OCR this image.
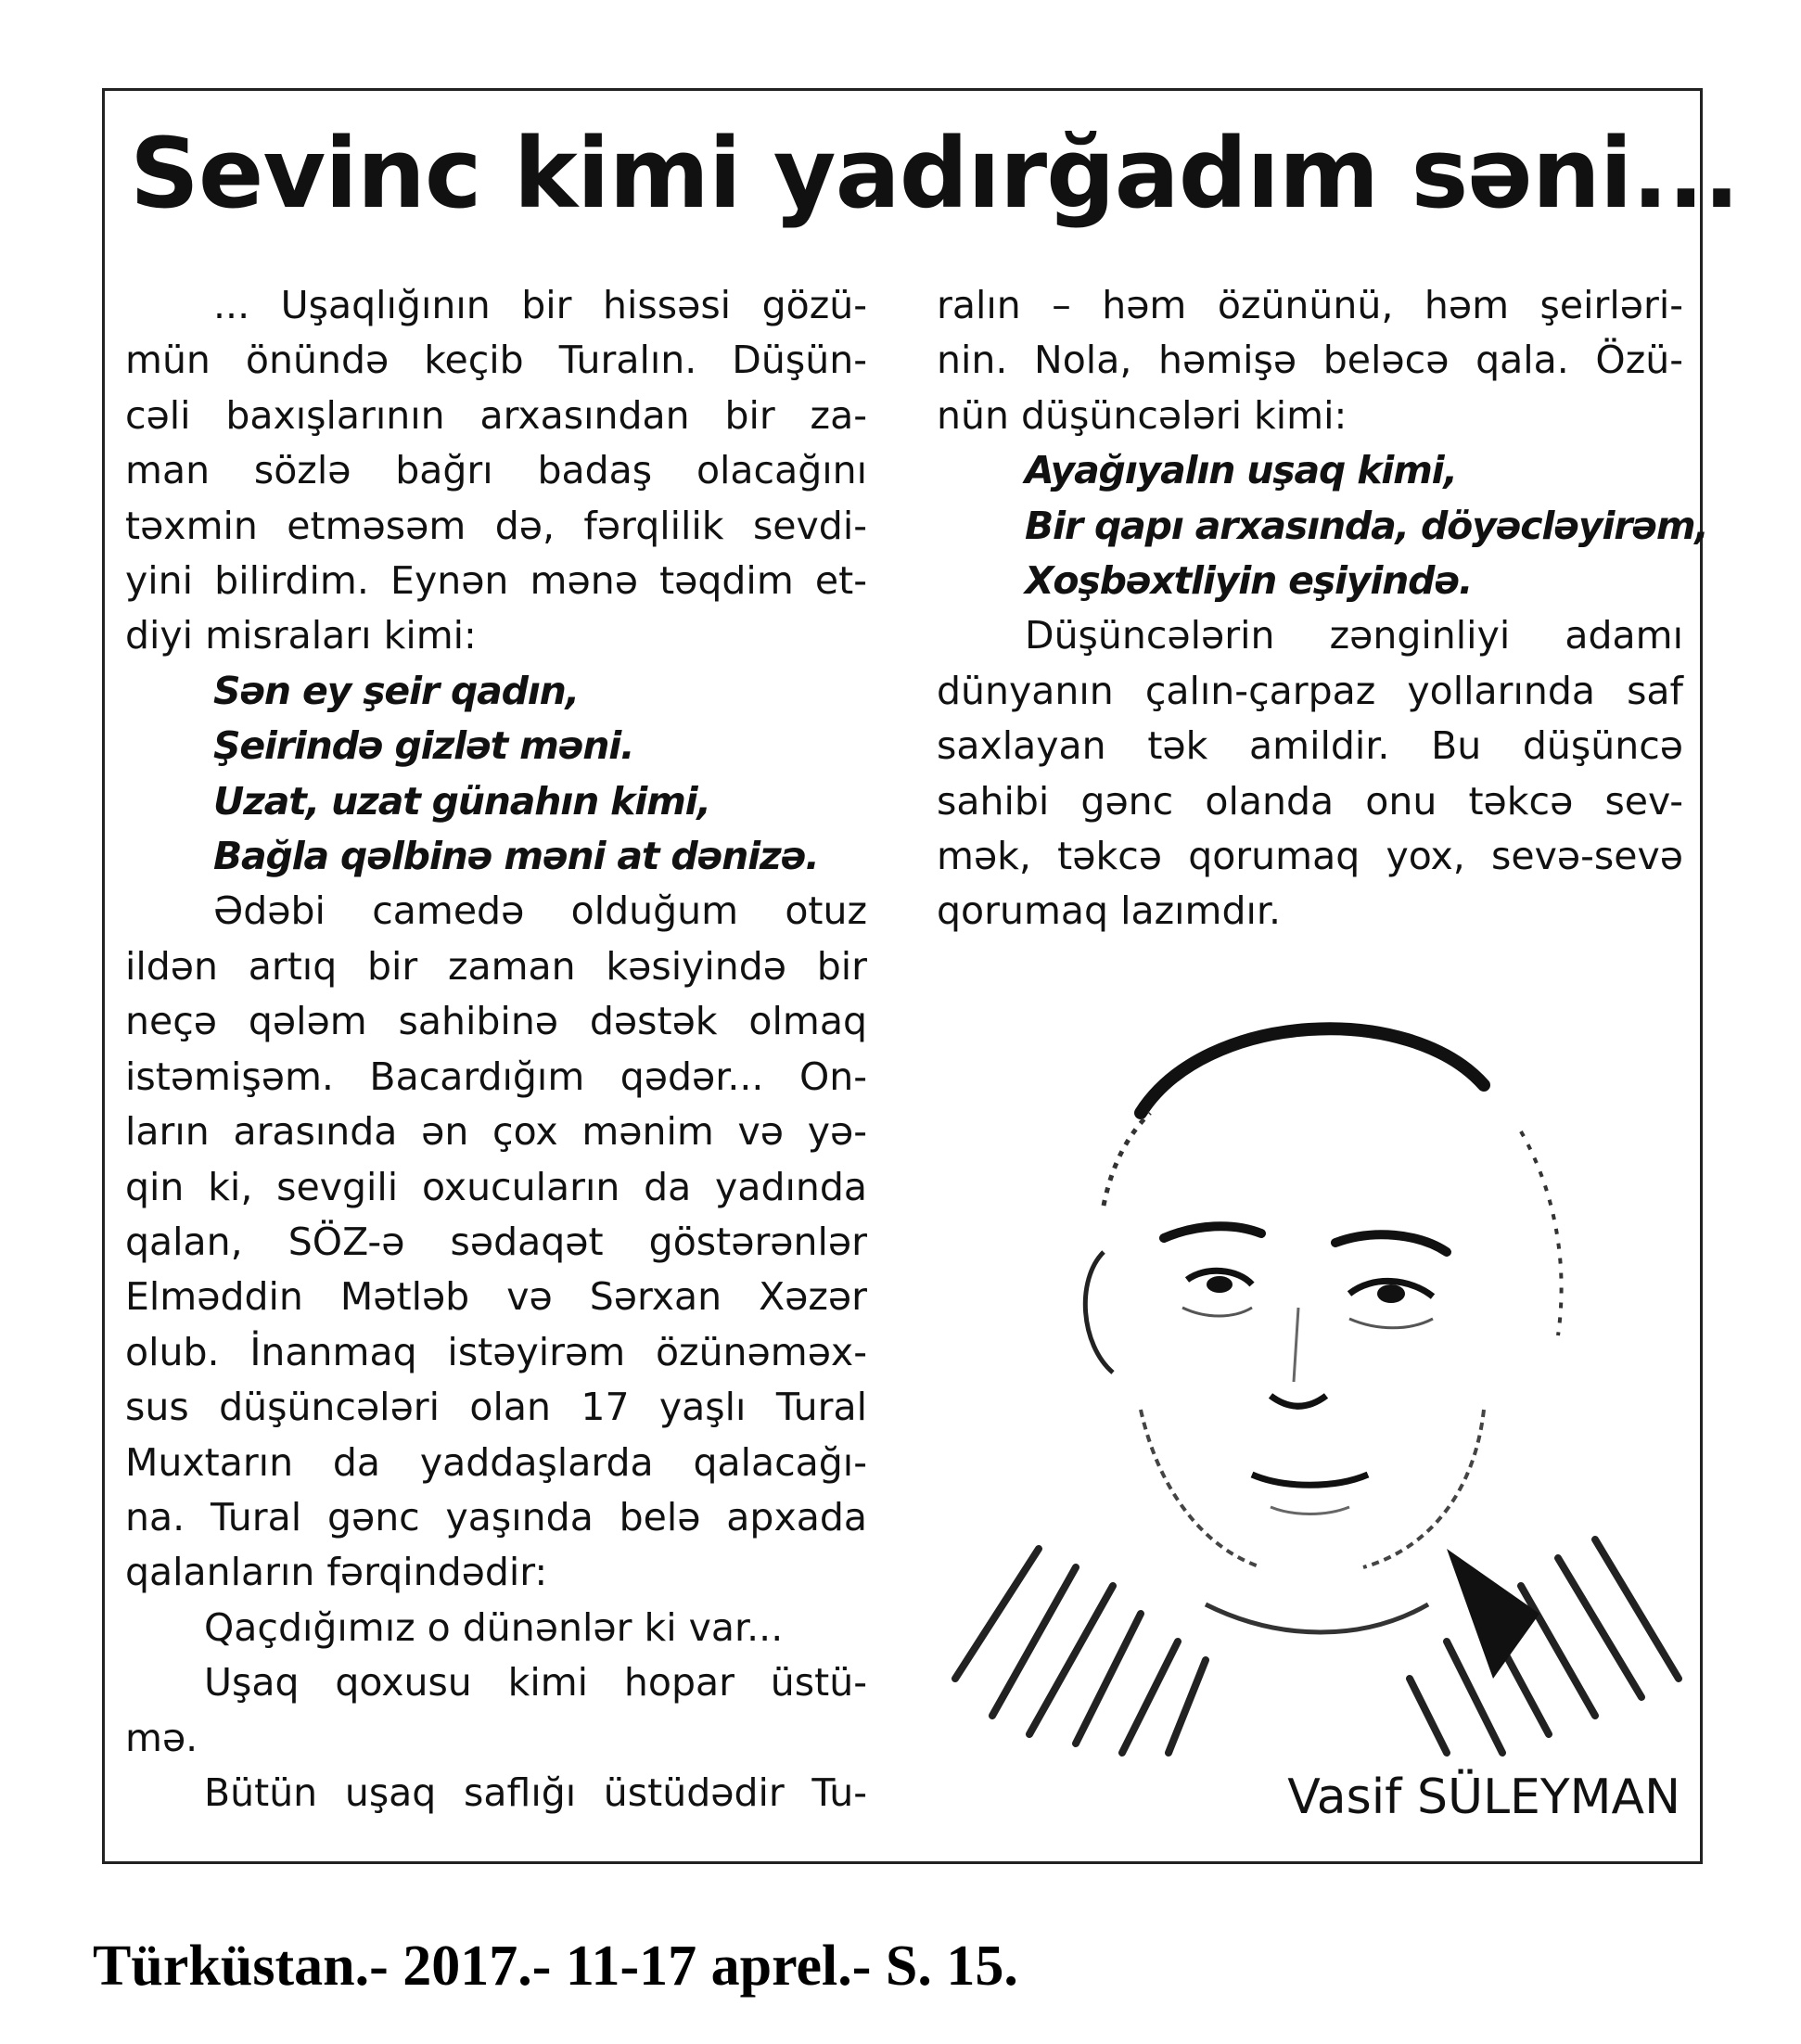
Sevinc kimi yadırğadım səni...

... Uşaqlığının bir hissəsi gözü-

mün önündə keçib Turalın. Düşün-

cəli baxışlarının arxasından bir za-

man sözlə bağrı badaş olacağını

təxmin etməsəm də, fərqlilik sevdi-

yini bilirdim. Eynən mənə təqdim et-

diyi misraları kimi:

Sən ey şeir qadın,

Şeirində gizlət məni.

Uzat, uzat günahın kimi,

Bağla qəlbinə məni at dənizə.

Ədəbi camedə olduğum otuz

ildən artıq bir zaman kəsiyində bir

neçə qələm sahibinə dəstək olmaq

istəmişəm. Bacardığım qədər... On-

ların arasında ən çox mənim və yə-

qin ki, sevgili oxucuların da yadında

qalan, SÖZ-ə sədaqət göstərənlər

Elməddin Mətləb və Sərxan Xəzər

olub. İnanmaq istəyirəm özünəməx-

sus düşüncələri olan 17 yaşlı Tural

Muxtarın da yaddaşlarda qalacağı-

na. Tural gənc yaşında belə apxada

qalanların fərqindədir:

Qaçdığımız o dünənlər ki var...

Uşaq qoxusu kimi hopar üstü-

mə.

Bütün uşaq saflığı üstüdədir Tu-

ralın – həm özününü, həm şeirləri-

nin. Nola, həmişə beləcə qala. Özü-

nün düşüncələri kimi:

Ayağıyalın uşaq kimi,

Bir qapı arxasında, döyəcləyirəm,

Xoşbəxtliyin eşiyində.

Düşüncələrin zənginliyi adamı

dünyanın çalın-çarpaz yollarında saf

saxlayan tək amildir. Bu düşüncə

sahibi gənc olanda onu təkcə sev-

mək, təkcə qorumaq yox, sevə-sevə

qorumaq lazımdır.

Vasif SÜLEYMAN
Türküstan.- 2017.- 11-17 aprel.- S. 15.
